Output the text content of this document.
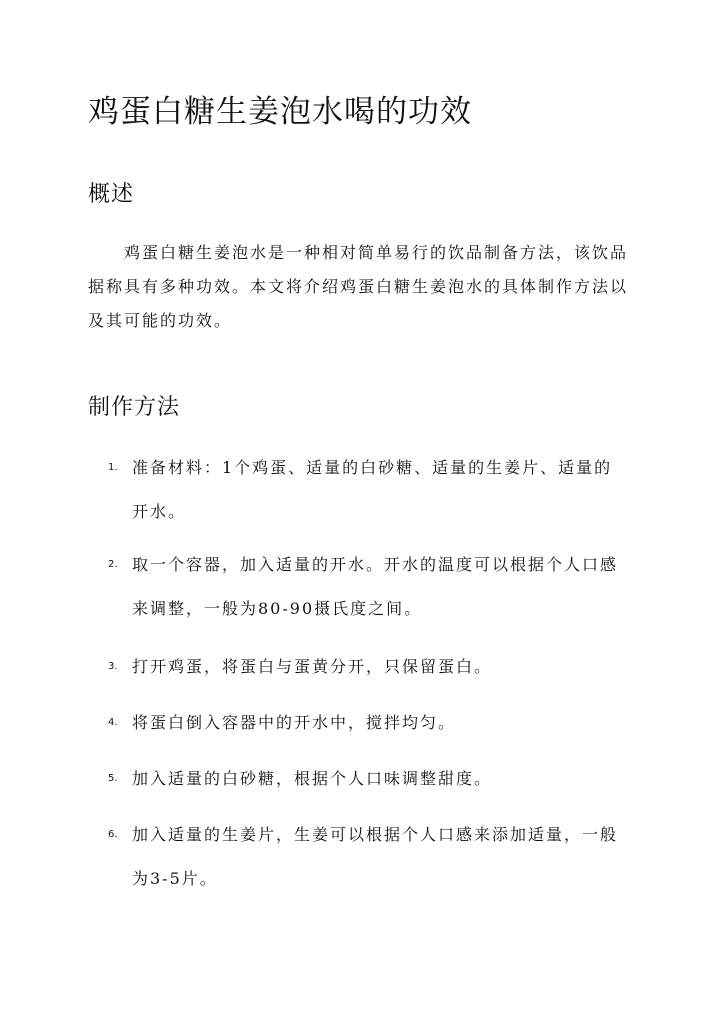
鸡蛋白糖生姜泡水喝的功效
概述

鸡蛋白糖生姜泡水是一种相对简单易行的饮品制备方法，该饮品据称具有多种功效。本文将介绍鸡蛋白糖生姜泡水的具体制作方法以及其可能的功效。

制作方法
1. 准备材料：1个鸡蛋、适量的白砂糖、适量的生姜片、适量的开水。
2. 取一个容器，加入适量的开水。开水的温度可以根据个人口感来调整，一般为80-90摄氏度之间。
3. 打开鸡蛋，将蛋白与蛋黄分开，只保留蛋白。
4. 将蛋白倒入容器中的开水中，搅拌均匀。
5. 加入适量的白砂糖，根据个人口味调整甜度。
6. 加入适量的生姜片，生姜可以根据个人口感来添加适量，一般为3-5片。
